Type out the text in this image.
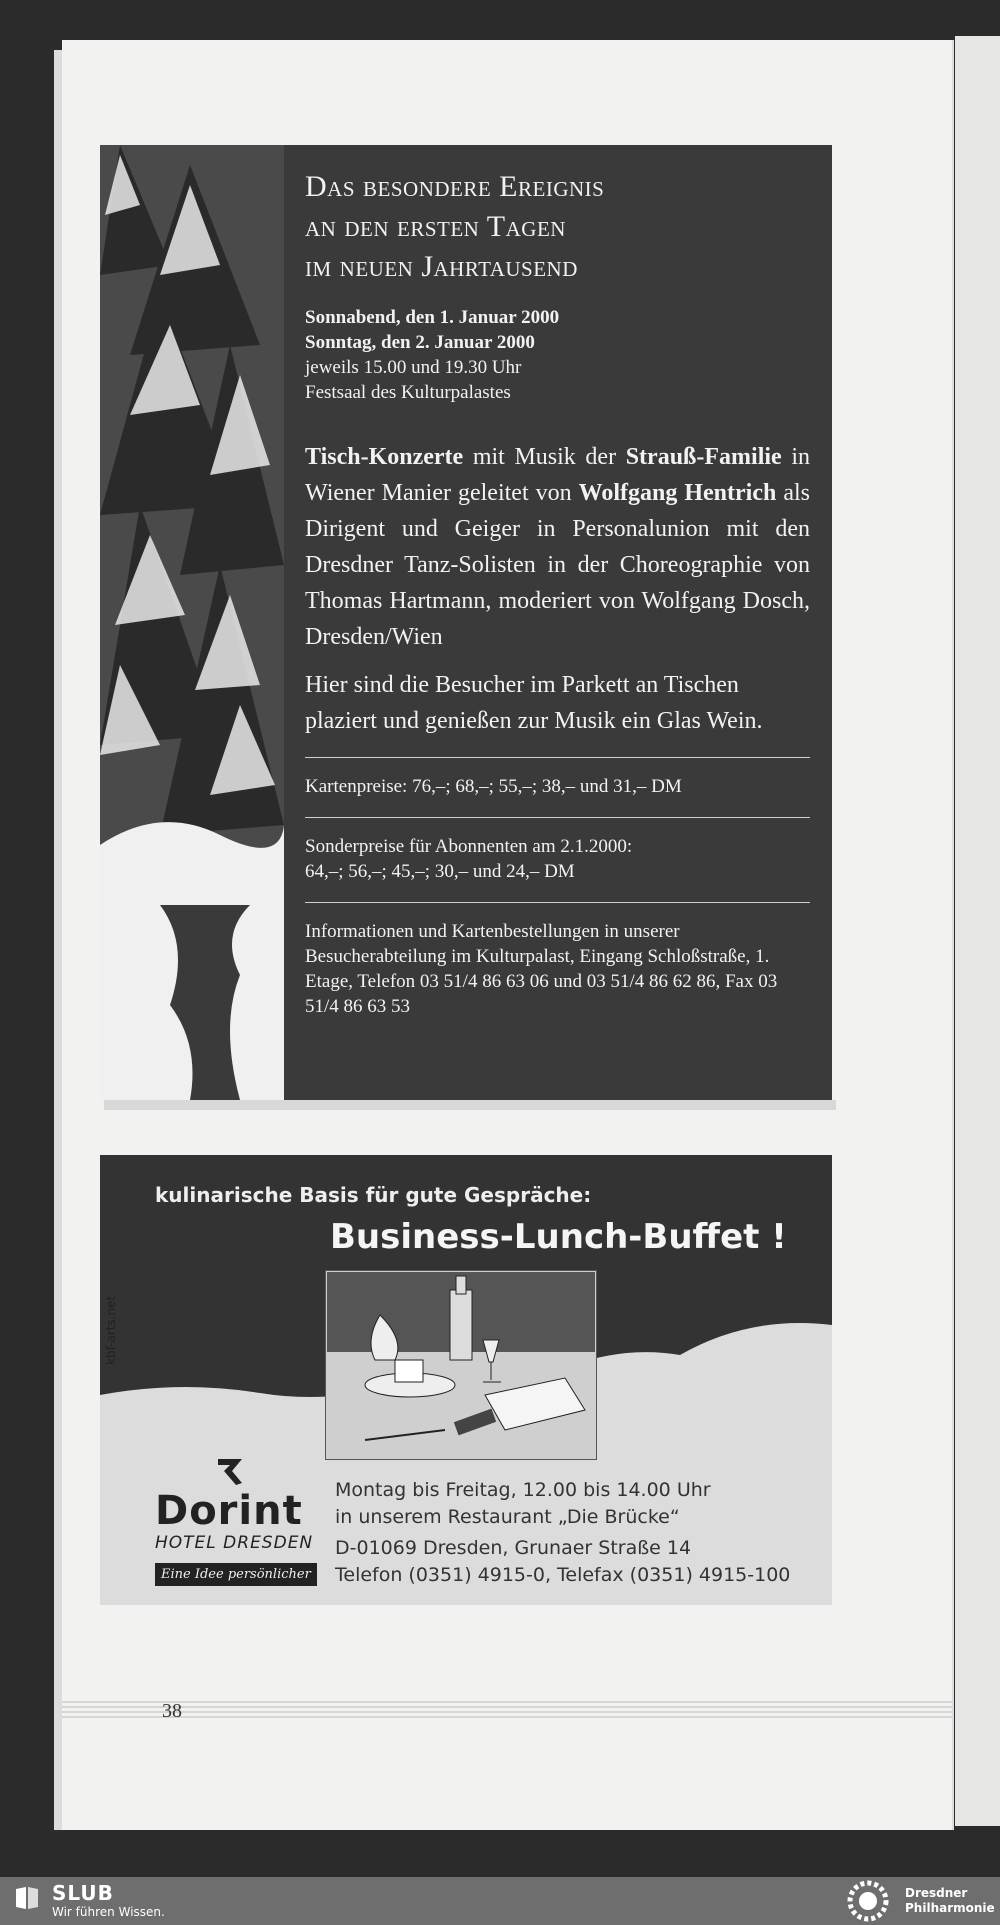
Das besondere Ereignis
an den ersten Tagen
im neuen Jahrtausend

Sonnabend, den 1. Januar 2000
Sonntag, den 2. Januar 2000
jeweils 15.00 und 19.30 Uhr
Festsaal des Kulturpalastes
Tisch-Konzerte mit Musik der Strauß-Familie in Wiener Manier geleitet von Wolfgang Hentrich als Dirigent und Geiger in Personalunion mit den Dresdner Tanz-Solisten in der Choreographie von Thomas Hartmann, moderiert von Wolfgang Dosch, Dresden/Wien
Hier sind die Besucher im Parkett an Tischen plaziert und genießen zur Musik ein Glas Wein.
Kartenpreise: 76,–; 68,–; 55,–; 38,– und 31,– DM
Sonderpreise für Abonnenten am 2.1.2000:
64,–; 56,–; 45,–; 30,– und 24,– DM
Informationen und Kartenbestellungen in unserer Besucherabteilung im Kulturpalast, Eingang Schloßstraße, 1. Etage, Telefon 03 51/4 86 63 06 und 03 51/4 86 62 86, Fax 03 51/4 86 63 53
kulinarische Basis für gute Gespräche:
Business-Lunch-Buffet !
kbf-arts.net
Dorint
HOTEL DRESDEN
Eine Idee persönlicher
Montag bis Freitag, 12.00 bis 14.00 Uhr
in unserem Restaurant „Die Brücke“
D-01069 Dresden, Grunaer Straße 14
Telefon (0351) 4915-0, Telefax (0351) 4915-100
38
SLUB
Wir führen Wissen.
Dresdner
Philharmonie
